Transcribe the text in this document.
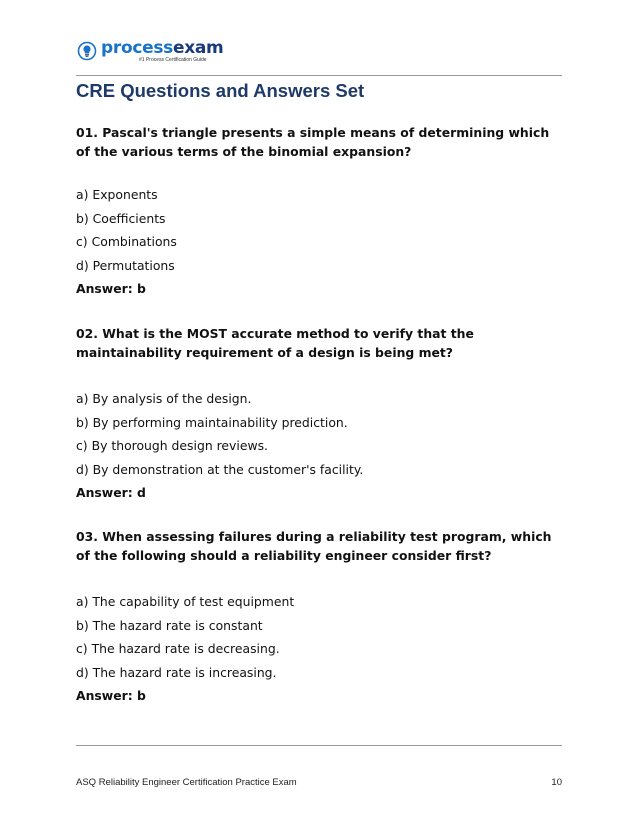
processexam
#1 Process Certification Guide
CRE Questions and Answers Set

01. Pascal's triangle presents a simple means of determining which of the various terms of the binomial expansion?

a) Exponents

b) Coefficients

c) Combinations

d) Permutations

Answer: b

02. What is the MOST accurate method to verify that the maintainability requirement of a design is being met?

a) By analysis of the design.

b) By performing maintainability prediction.

c) By thorough design reviews.

d) By demonstration at the customer's facility.

Answer: d

03. When assessing failures during a reliability test program, which of the following should a reliability engineer consider first?

a) The capability of test equipment

b) The hazard rate is constant

c) The hazard rate is decreasing.

d) The hazard rate is increasing.

Answer: b

ASQ Reliability Engineer Certification Practice Exam	10
